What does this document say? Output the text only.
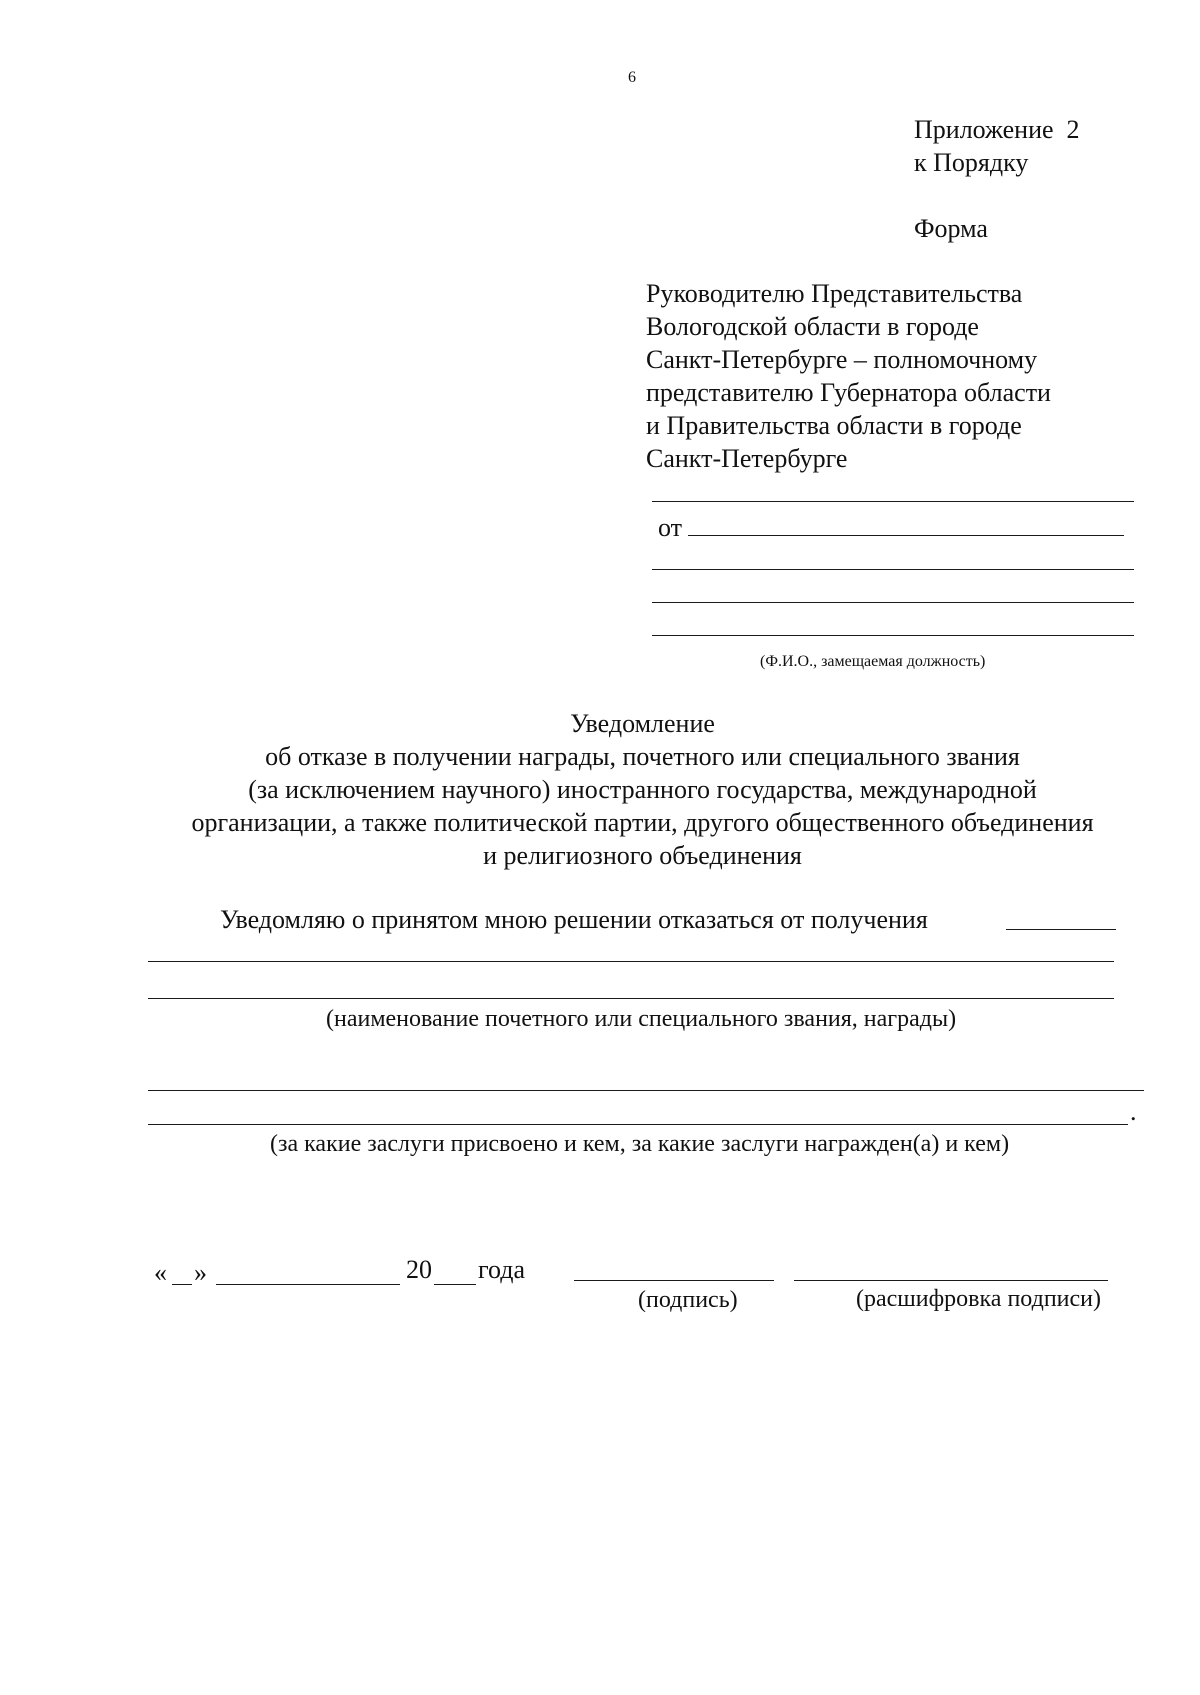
6
Приложение  2
к Порядку
Форма
Руководителю Представительства
Вологодской области в городе
Санкт-Петербурге – полномочному
представителю Губернатора области
и Правительства области в городе
Санкт-Петербурге
от
(Ф.И.О., замещаемая должность)
Уведомление
об отказе в получении награды, почетного или специального звания
(за исключением научного) иностранного государства, международной
организации, а также политической партии, другого общественного объединения
и религиозного объединения
Уведомляю о принятом мною решении отказаться от получения
(наименование почетного или специального звания, награды)
.
(за какие заслуги присвоено и кем, за какие заслуги награжден(а) и кем)
« »	20 года
(подпись)	(расшифровка подписи)
